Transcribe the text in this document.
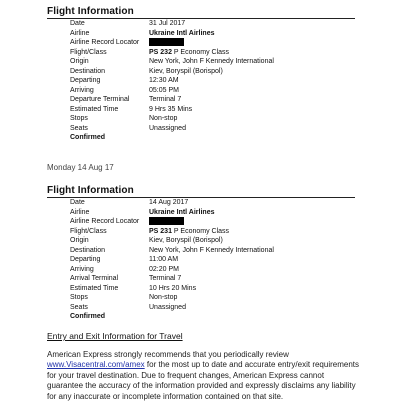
Flight Information
Date	31 Jul 2017
Airline	Ukraine Intl Airlines
Airline Record Locator
Flight/Class	PS 232 P Economy Class
Origin	New York, John F Kennedy International
Destination	Kiev, Boryspil (Borispol)
Departing	12:30 AM
Arriving	05:05 PM
Departure Terminal	Terminal 7
Estimated Time	9 Hrs 35 Mins
Stops	Non-stop
Seats	Unassigned
Confirmed
Monday 14 Aug 17
Flight Information
Date	14 Aug 2017
Airline	Ukraine Intl Airlines
Airline Record Locator
Flight/Class	PS 231 P Economy Class
Origin	Kiev, Boryspil (Borispol)
Destination	New York, John F Kennedy International
Departing	11:00 AM
Arriving	02:20 PM
Arrival Terminal	Terminal 7
Estimated Time	10 Hrs 20 Mins
Stops	Non-stop
Seats	Unassigned
Confirmed
Entry and Exit Information for Travel
American Express strongly recommends that you periodically review www.Visacentral.com/amex for the most up to date and accurate entry/exit requirements for your travel destination. Due to frequent changes, American Express cannot guarantee the accuracy of the information provided and expressly disclaims any liability for any inaccurate or incomplete information contained on that site.
